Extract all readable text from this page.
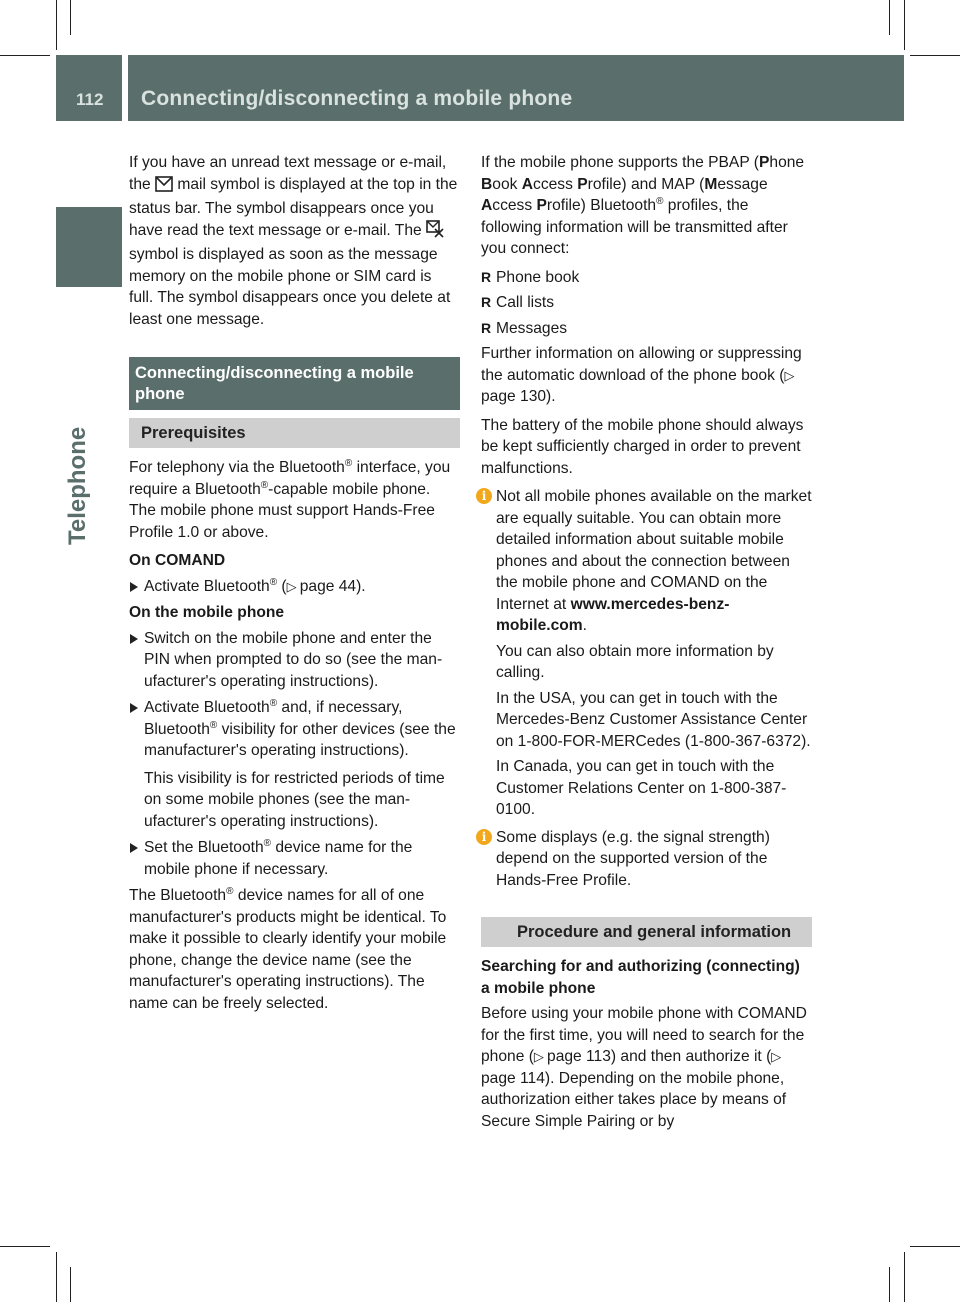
112 Connecting/disconnecting a mobile phone
Telephone

If you have an unread text message or e-mail, the mail symbol is displayed at the top in the status bar. The symbol disappears once you have read the text message or e-mail. The  symbol is displayed as soon as the message memory on the mobile phone or SIM card is full. The symbol disappears once you delete at least one message.

Connecting/disconnecting a mobile phone
Prerequisites

For telephony via the Bluetooth® interface, you require a Bluetooth®-capable mobile phone. The mobile phone must support Hands-Free Profile 1.0 or above.

On COMAND
Activate Bluetooth® (▷  page 44).
On the mobile phone
Switch on the mobile phone and enter the PIN when prompted to do so (see the manufacturer's operating instructions).
Activate Bluetooth® and, if necessary, Bluetooth® visibility for other devices (see the manufacturer's operating instructions).
This visibility is for restricted periods of time on some mobile phones (see the manufacturer's operating instructions).
Set the Bluetooth® device name for the mobile phone if necessary.

The Bluetooth® device names for all of one manufacturer's products might be identical. To make it possible to clearly identify your mobile phone, change the device name (see the manufacturer's operating instructions). The name can be freely selected.

If the mobile phone supports the PBAP (Phone Book Access Profile) and MAP (Message Access Profile) Bluetooth® profiles, the following information will be transmitted after you connect:

R Phone book
R Call lists
R Messages

Further information on allowing or suppressing the automatic download of the phone book (▷ page 130).

The battery of the mobile phone should always be kept sufficiently charged in order to prevent malfunctions.

i Not all mobile phones available on the market are equally suitable. You can obtain more detailed information about suitable mobile phones and about the connection between the mobile phone and COMAND on the Internet at www.mercedes-benz-mobile.com.

You can also obtain more information by calling.

In the USA, you can get in touch with the Mercedes-Benz Customer Assistance Center on 1-800-FOR-MERCedes (1-800-367-6372).

In Canada, you can get in touch with the Customer Relations Center on 1-800-387-0100.

i Some displays (e.g. the signal strength) depend on the supported version of the Hands-Free Profile.

Procedure and general information
Searching for and authorizing (connecting) a mobile phone

Before using your mobile phone with COMAND for the first time, you will need to search for the phone (▷  page 113) and then authorize it (▷ page 114). Depending on the mobile phone, authorization either takes place by means of Secure Simple Pairing or by
